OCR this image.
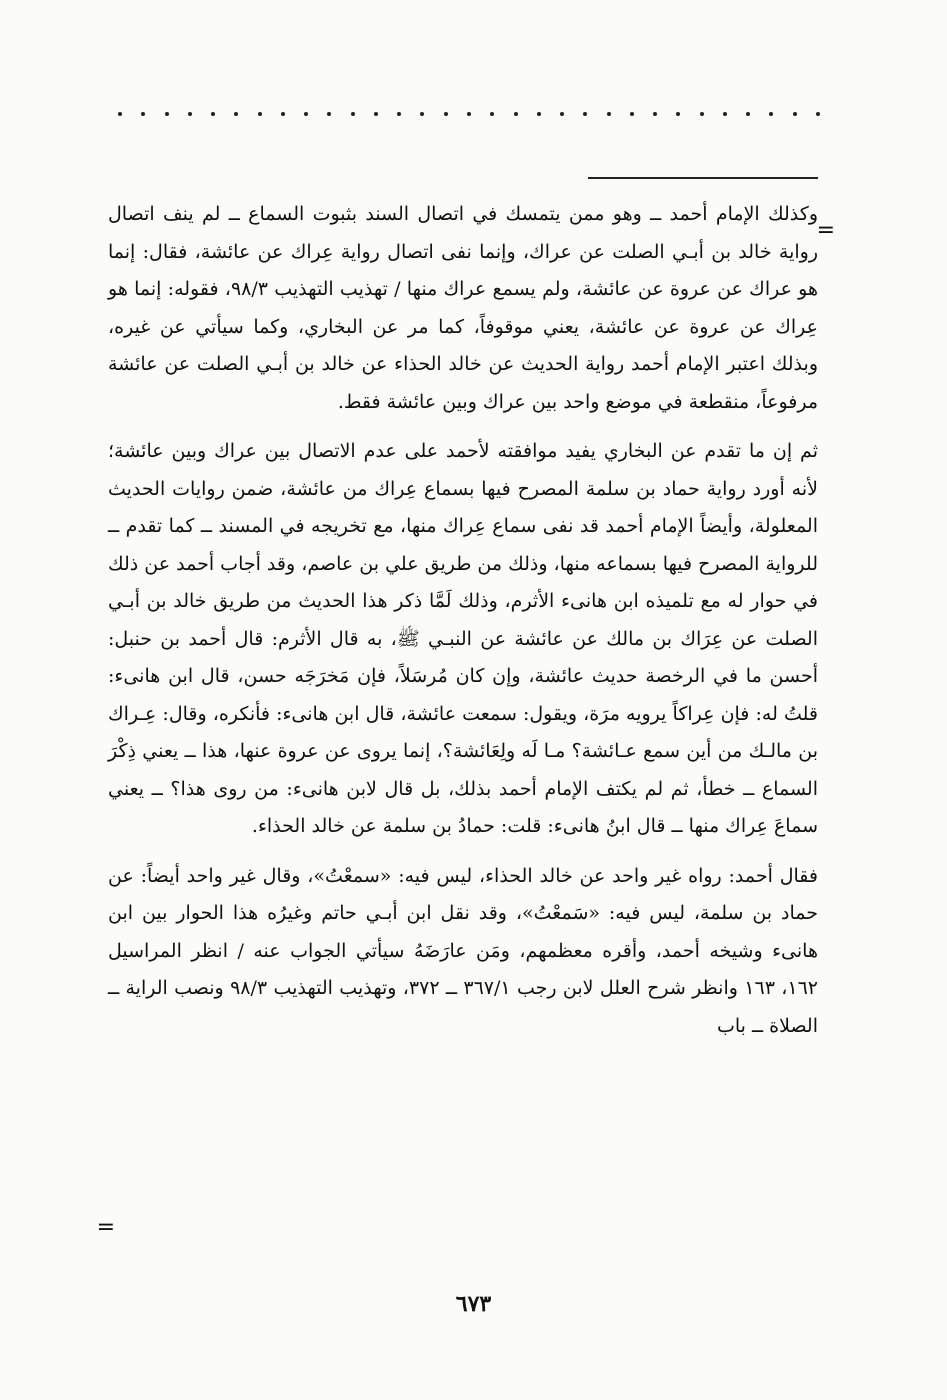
=

وكذلك الإمام أحمد ــ وهو ممن يتمسك في اتصال السند بثبوت السماع ــ لم ينف اتصال رواية خالد بن أبـي الصلت عن عراك، وإنما نفى اتصال رواية عِراك عن عائشة، فقال: إنما هو عراك عن عروة عن عائشة، ولم يسمع عراك منها / تهذيب التهذيب ٩٨/٣، فقوله: إنما هو عِراك عن عروة عن عائشة، يعني موقوفاً، كما مر عن البخاري، وكما سيأتي عن غيره، وبذلك اعتبر الإمام أحمد رواية الحديث عن خالد الحذاء عن خالد بن أبـي الصلت عن عائشة مرفوعاً، منقطعة في موضع واحد بين عراك وبين عائشة فقط.

ثم إن ما تقدم عن البخاري يفيد موافقته لأحمد على عدم الاتصال بين عراك وبين عائشة؛ لأنه أورد رواية حماد بن سلمة المصرح فيها بسماع عِراك من عائشة، ضمن روايات الحديث المعلولة، وأيضاً الإمام أحمد قد نفى سماع عِراك منها، مع تخريجه في المسند ــ كما تقدم ــ للرواية المصرح فيها بسماعه منها، وذلك من طريق علي بن عاصم، وقد أجاب أحمد عن ذلك في حوار له مع تلميذه ابن هانىء الأثرم، وذلك لَمَّا ذكر هذا الحديث من طريق خالد بن أبـي الصلت عن عِرَاك بن مالك عن عائشة عن النبـي ﷺ، به قال الأثرم: قال أحمد بن حنبل: أحسن ما في الرخصة حديث عائشة، وإن كان مُرسَلاً، فإن مَخرَجَه حسن، قال ابن هانىء: قلتُ له: فإن عِراكاً يرويه مرَة، ويقول: سمعت عائشة، قال ابن هانىء: فأنكره، وقال: عِـراك بن مالـك من أين سمع عـائشة؟ مـا لَه ولِعَائشة؟، إنما يروى عن عروة عنها، هذا ــ يعني ذِكْرَ السماع ــ خطأ، ثم لم يكتف الإمام أحمد بذلك، بل قال لابن هانىء: من روى هذا؟ ــ يعني سماعَ عِراك منها ــ قال ابنُ هانىء: قلت: حمادُ بن سلمة عن خالد الحذاء.

فقال أحمد: رواه غير واحد عن خالد الحذاء، ليس فيه: «سمعْتُ»، وقال غير واحد أيضاً: عن حماد بن سلمة، ليس فيه: «سَمعْتُ»، وقد نقل ابن أبـي حاتم وغيرُه هذا الحوار بين ابن هانىء وشيخه أحمد، وأقره معظمهم، ومَن عارَضَهُ سيأتي الجواب عنه / انظر المراسيل ١٦٢، ١٦٣ وانظر شرح العلل لابن رجب ٣٦٧/١ ــ ٣٧٢، وتهذيب التهذيب ٩٨/٣ ونصب الراية ــ الصلاة ــ باب

=
٦٧٣
